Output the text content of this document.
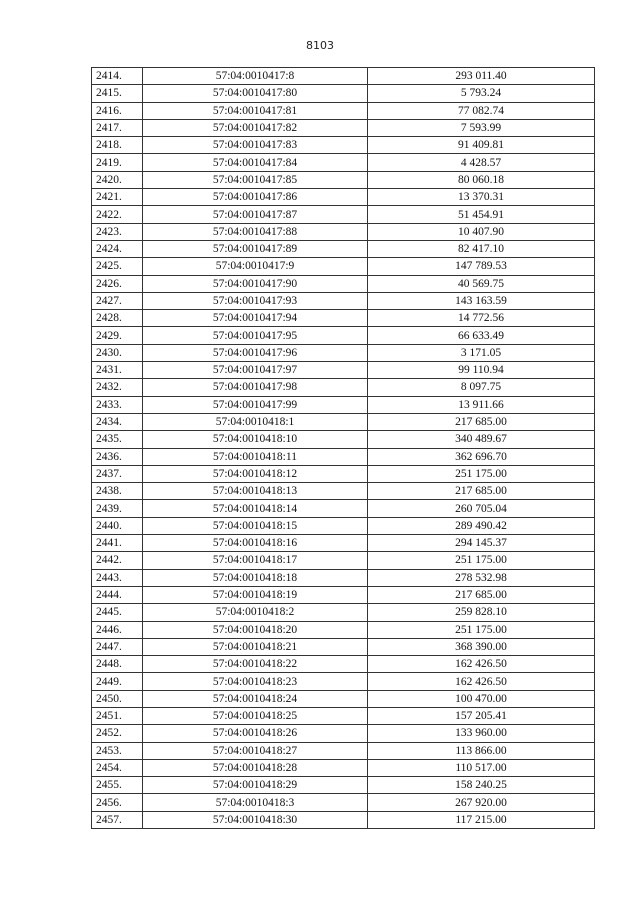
8103
2414.	57:04:0010417:8	293 011.40
2415.	57:04:0010417:80	5 793.24
2416.	57:04:0010417:81	77 082.74
2417.	57:04:0010417:82	7 593.99
2418.	57:04:0010417:83	91 409.81
2419.	57:04:0010417:84	4 428.57
2420.	57:04:0010417:85	80 060.18
2421.	57:04:0010417:86	13 370.31
2422.	57:04:0010417:87	51 454.91
2423.	57:04:0010417:88	10 407.90
2424.	57:04:0010417:89	82 417.10
2425.	57:04:0010417:9	147 789.53
2426.	57:04:0010417:90	40 569.75
2427.	57:04:0010417:93	143 163.59
2428.	57:04:0010417:94	14 772.56
2429.	57:04:0010417:95	66 633.49
2430.	57:04:0010417:96	3 171.05
2431.	57:04:0010417:97	99 110.94
2432.	57:04:0010417:98	8 097.75
2433.	57:04:0010417:99	13 911.66
2434.	57:04:0010418:1	217 685.00
2435.	57:04:0010418:10	340 489.67
2436.	57:04:0010418:11	362 696.70
2437.	57:04:0010418:12	251 175.00
2438.	57:04:0010418:13	217 685.00
2439.	57:04:0010418:14	260 705.04
2440.	57:04:0010418:15	289 490.42
2441.	57:04:0010418:16	294 145.37
2442.	57:04:0010418:17	251 175.00
2443.	57:04:0010418:18	278 532.98
2444.	57:04:0010418:19	217 685.00
2445.	57:04:0010418:2	259 828.10
2446.	57:04:0010418:20	251 175.00
2447.	57:04:0010418:21	368 390.00
2448.	57:04:0010418:22	162 426.50
2449.	57:04:0010418:23	162 426.50
2450.	57:04:0010418:24	100 470.00
2451.	57:04:0010418:25	157 205.41
2452.	57:04:0010418:26	133 960.00
2453.	57:04:0010418:27	113 866.00
2454.	57:04:0010418:28	110 517.00
2455.	57:04:0010418:29	158 240.25
2456.	57:04:0010418:3	267 920.00
2457.	57:04:0010418:30	117 215.00
